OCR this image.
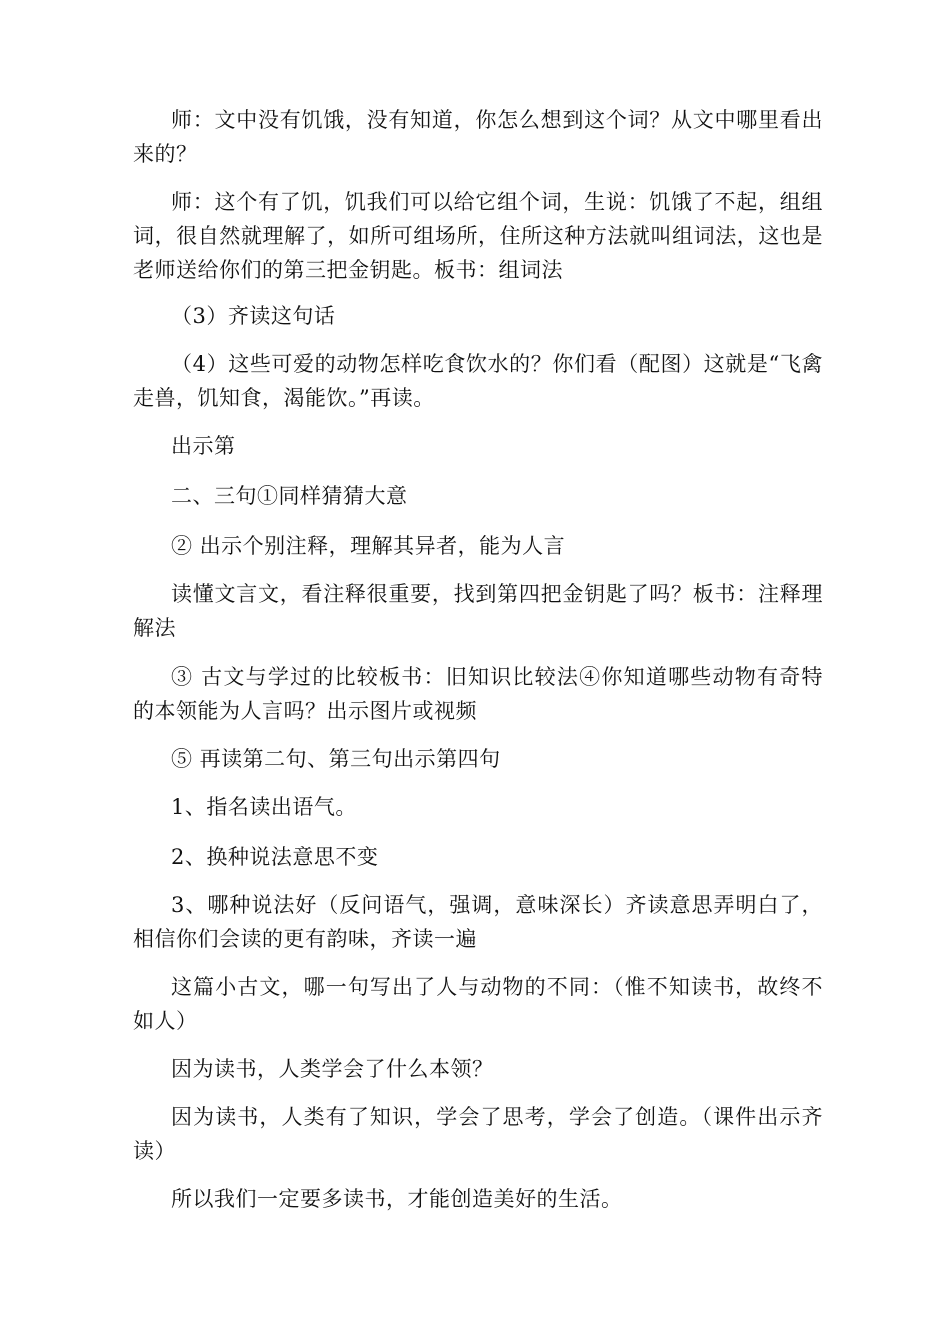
师：文中没有饥饿，没有知道，你怎么想到这个词？从文中哪里看出来的？

师：这个有了饥，饥我们可以给它组个词，生说：饥饿了不起，组组词，很自然就理解了，如所可组场所，住所这种方法就叫组词法，这也是老师送给你们的第三把金钥匙。板书：组词法

（3）齐读这句话

（4）这些可爱的动物怎样吃食饮水的？你们看（配图）这就是“飞禽走兽，饥知食，渴能饮。”再读。

出示第

二、三句①同样猜猜大意

② 出示个别注释，理解其异者，能为人言

读懂文言文，看注释很重要，找到第四把金钥匙了吗？板书：注释理解法

③ 古文与学过的比较板书：旧知识比较法④你知道哪些动物有奇特的本领能为人言吗？出示图片或视频

⑤ 再读第二句、第三句出示第四句

1、指名读出语气。

2、换种说法意思不变

3、哪种说法好（反问语气，强调，意味深长）齐读意思弄明白了，相信你们会读的更有韵味，齐读一遍

这篇小古文，哪一句写出了人与动物的不同：（惟不知读书，故终不如人）

因为读书，人类学会了什么本领？

因为读书，人类有了知识，学会了思考，学会了创造。（课件出示齐读）

所以我们一定要多读书，才能创造美好的生活。
